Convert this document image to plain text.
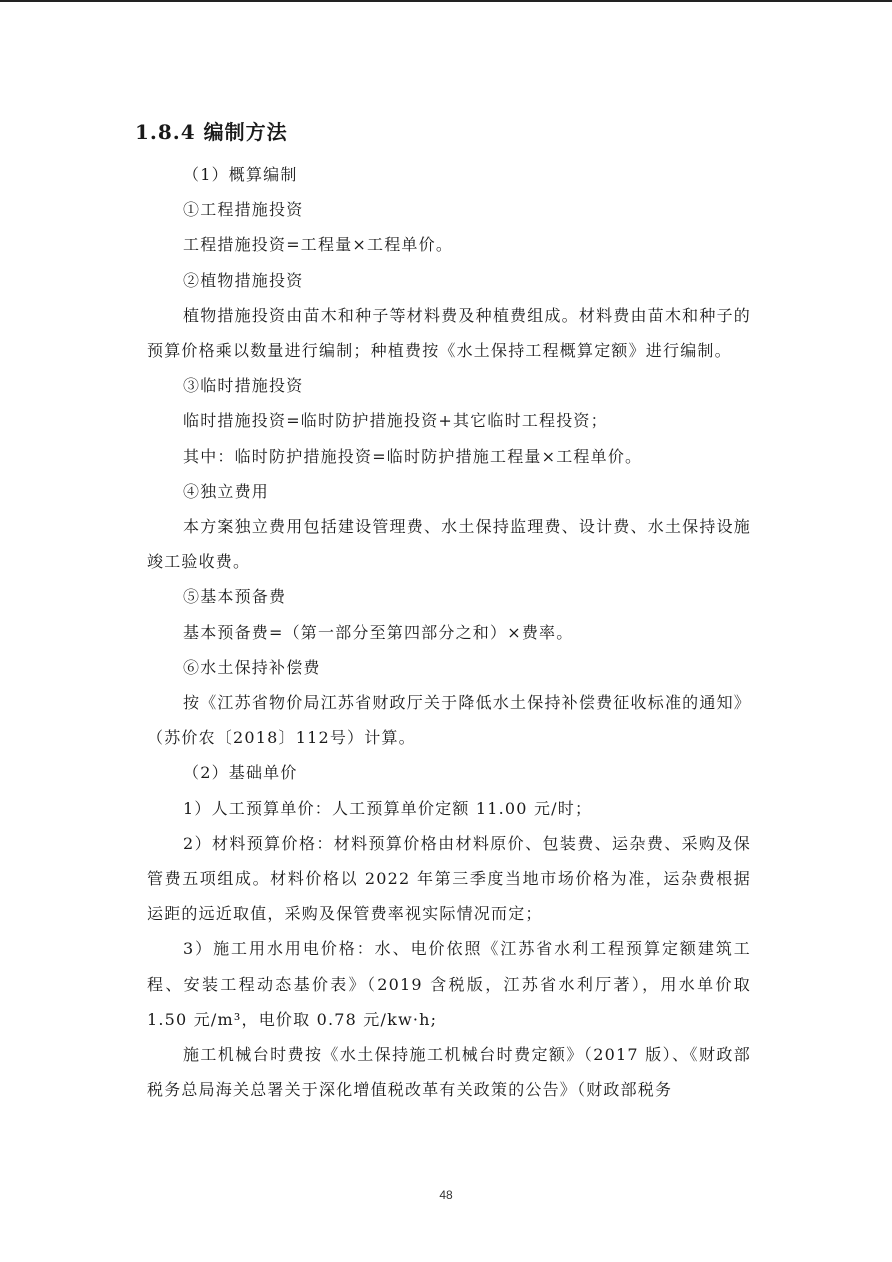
1.8.4 编制方法

（1）概算编制

①工程措施投资

工程措施投资=工程量×工程单价。

②植物措施投资

植物措施投资由苗木和种子等材料费及种植费组成。材料费由苗木和种子的预算价格乘以数量进行编制；种植费按《水土保持工程概算定额》进行编制。

③临时措施投资

临时措施投资=临时防护措施投资+其它临时工程投资；

其中：临时防护措施投资=临时防护措施工程量×工程单价。

④独立费用

本方案独立费用包括建设管理费、水土保持监理费、设计费、水土保持设施竣工验收费。

⑤基本预备费

基本预备费=（第一部分至第四部分之和）×费率。

⑥水土保持补偿费

按《江苏省物价局江苏省财政厅关于降低水土保持补偿费征收标准的通知》（苏价农〔2018〕112号）计算。

（2）基础单价

1）人工预算单价：人工预算单价定额 11.00 元/时；

2）材料预算价格：材料预算价格由材料原价、包装费、运杂费、采购及保管费五项组成。材料价格以 2022 年第三季度当地市场价格为准，运杂费根据运距的远近取值，采购及保管费率视实际情况而定；

3）施工用水用电价格：水、电价依照《江苏省水利工程预算定额建筑工程、安装工程动态基价表》（2019 含税版，江苏省水利厅著），用水单价取 1.50 元/m³，电价取 0.78 元/kw·h;

施工机械台时费按《水土保持施工机械台时费定额》（2017 版）、《财政部税务总局海关总署关于深化增值税改革有关政策的公告》（财政部税务

48
